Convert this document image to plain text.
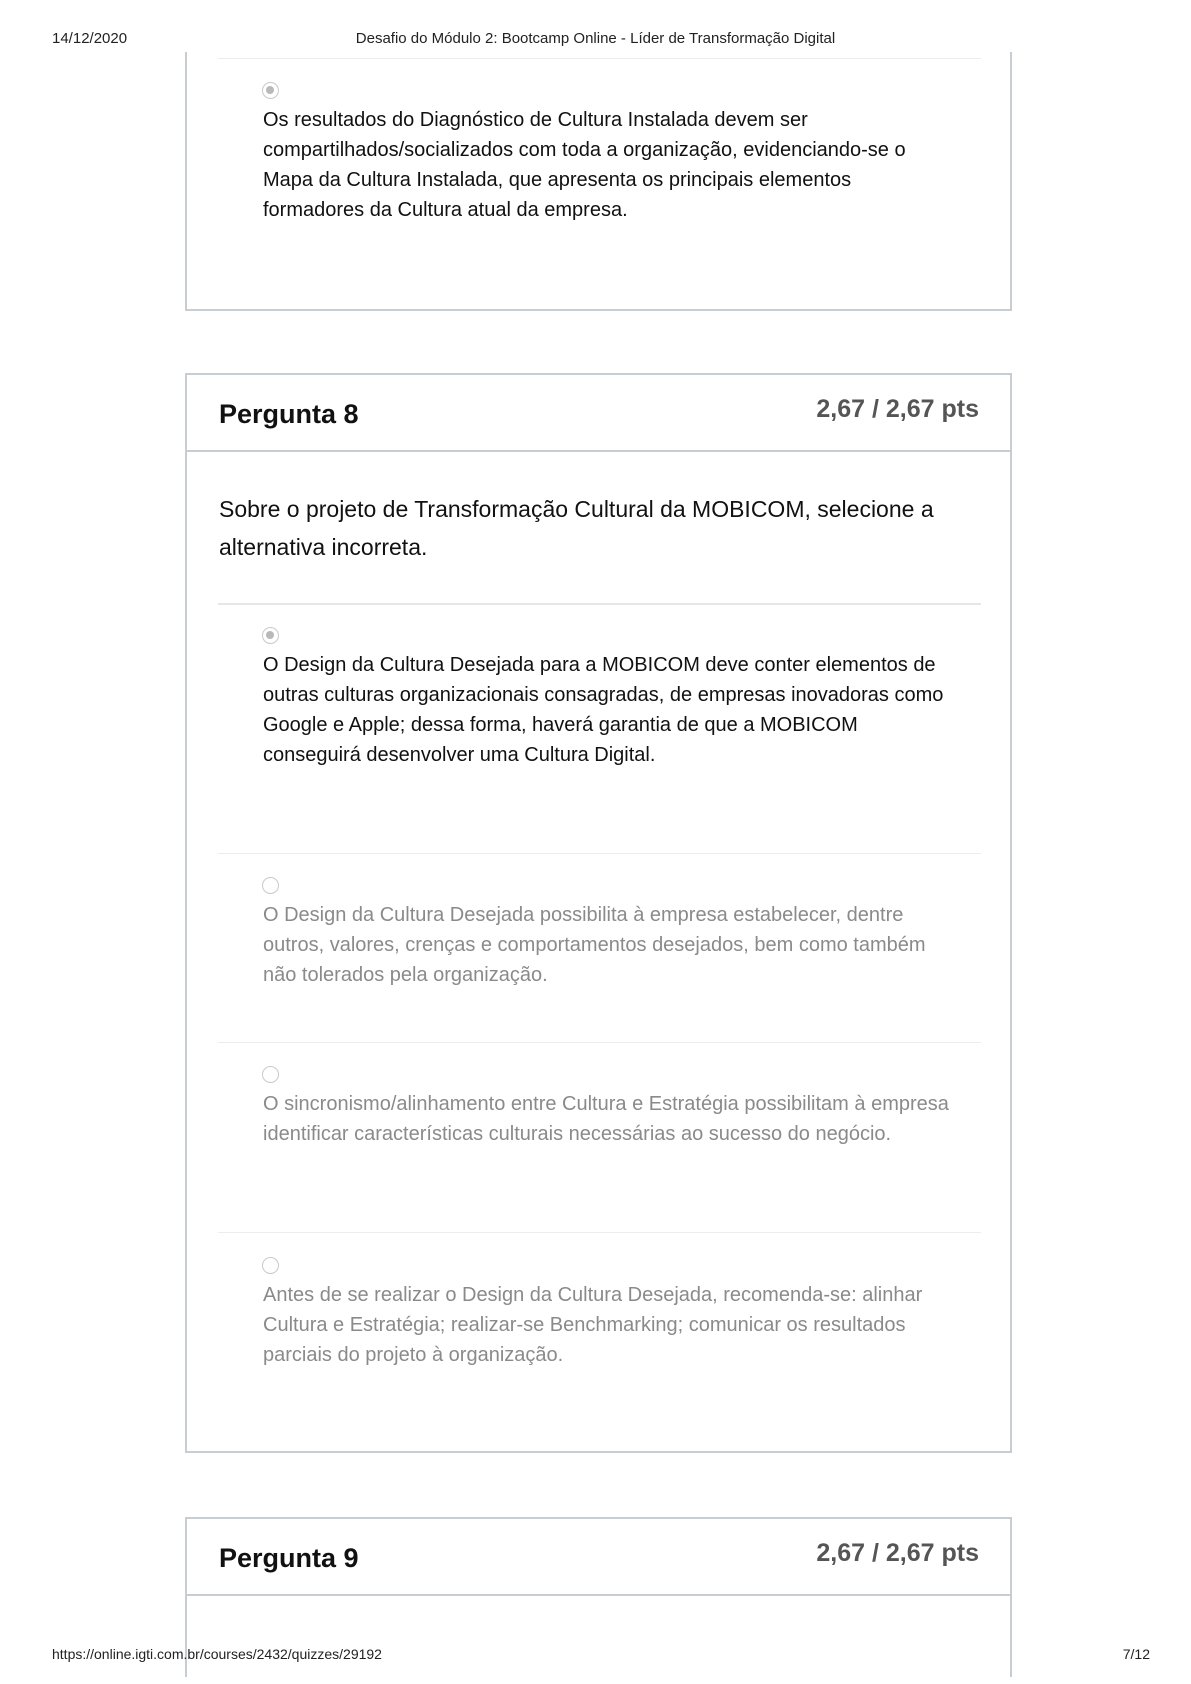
14/12/2020	Desafio do Módulo 2: Bootcamp Online - Líder de Transformação Digital
Os resultados do Diagnóstico de Cultura Instalada devem ser compartilhados/socializados com toda a organização, evidenciando-se o Mapa da Cultura Instalada, que apresenta os principais elementos formadores da Cultura atual da empresa.
Pergunta 8	2,67 / 2,67 pts
Sobre o projeto de Transformação Cultural da MOBICOM, selecione a alternativa incorreta.
O Design da Cultura Desejada para a MOBICOM deve conter elementos de outras culturas organizacionais consagradas, de empresas inovadoras como Google e Apple; dessa forma, haverá garantia de que a MOBICOM conseguirá desenvolver uma Cultura Digital.
O Design da Cultura Desejada possibilita à empresa estabelecer, dentre outros, valores, crenças e comportamentos desejados, bem como também não tolerados pela organização.
O sincronismo/alinhamento entre Cultura e Estratégia possibilitam à empresa identificar características culturais necessárias ao sucesso do negócio.
Antes de se realizar o Design da Cultura Desejada, recomenda-se: alinhar Cultura e Estratégia; realizar-se Benchmarking; comunicar os resultados parciais do projeto à organização.
Pergunta 9	2,67 / 2,67 pts
https://online.igti.com.br/courses/2432/quizzes/29192	7/12
